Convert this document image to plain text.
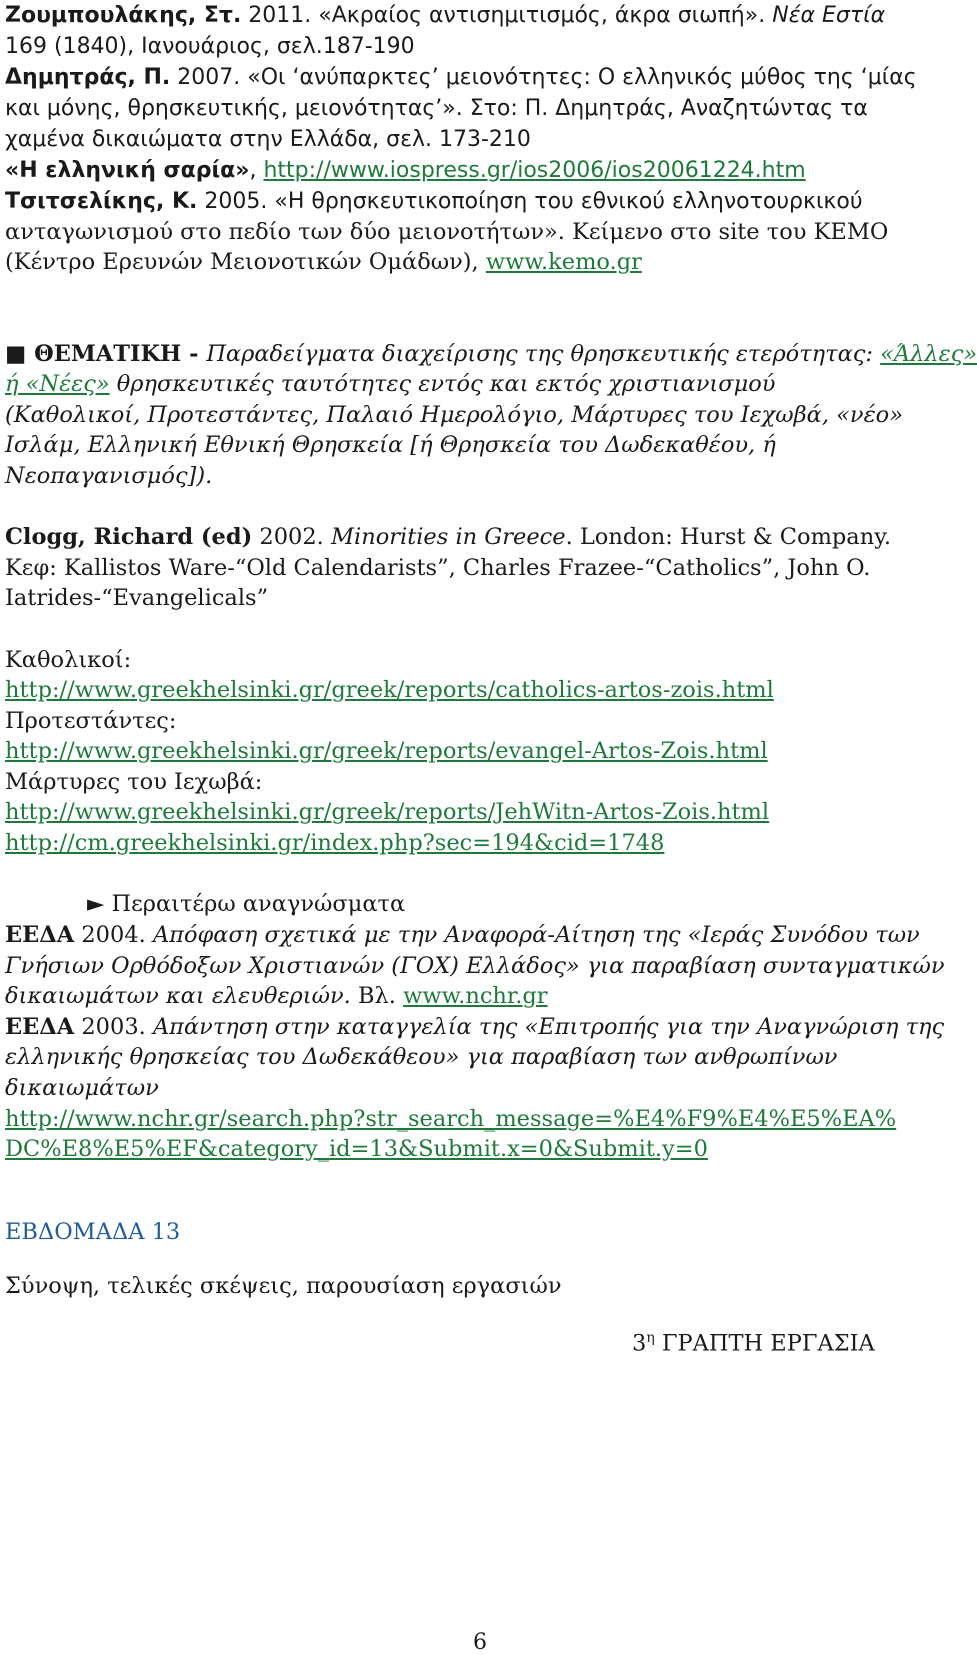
Ζουμπουλάκης, Στ. 2011. «Ακραίος αντισημιτισμός, άκρα σιωπή». Νέα Εστία
169 (1840), Ιανουάριος, σελ.187-190
Δημητράς, Π. 2007. «Οι ‘ανύπαρκτες’ μειονότητες: Ο ελληνικός μύθος της ‘μίας
και μόνης, θρησκευτικής, μειονότητας’». Στο: Π. Δημητράς, Αναζητώντας τα
χαμένα δικαιώματα στην Ελλάδα, σελ. 173-210
«Η ελληνική σαρία», http://www.iospress.gr/ios2006/ios20061224.htm
Τσιτσελίκης, Κ. 2005. «Η θρησκευτικοποίηση του εθνικού ελληνοτουρκικού
ανταγωνισμού στο πεδίο των δύο μειονοτήτων». Κείμενο στο site του ΚΕΜΟ
(Κέντρο Ερευνών Μειονοτικών Ομάδων), www.kemo.gr
■ ΘΕΜΑΤΙΚΗ - Παραδείγματα διαχείρισης της θρησκευτικής ετερότητας: «Άλλες»
ή «Νέες» θρησκευτικές ταυτότητες εντός και εκτός χριστιανισμού
(Καθολικοί, Προτεστάντες, Παλαιό Ημερολόγιο, Μάρτυρες του Ιεχωβά, «νέο»
Ισλάμ, Ελληνική Εθνική Θρησκεία [ή Θρησκεία του Δωδεκαθέου, ή
Νεοπαγανισμός]).
Clogg, Richard (ed) 2002. Minorities in Greece. London: Hurst & Company.
Κεφ: Kallistos Ware-“Old Calendarists”, Charles Frazee-“Catholics”, John O.
Iatrides-“Evangelicals”
Καθολικοί:
http://www.greekhelsinki.gr/greek/reports/catholics-artos-zois.html
Προτεστάντες:
http://www.greekhelsinki.gr/greek/reports/evangel-Artos-Zois.html
Μάρτυρες του Ιεχωβά:
http://www.greekhelsinki.gr/greek/reports/JehWitn-Artos-Zois.html
http://cm.greekhelsinki.gr/index.php?sec=194&cid=1748
► Περαιτέρω αναγνώσματα
ΕΕΔΑ 2004. Απόφαση σχετικά με την Αναφορά-Αίτηση της «Ιεράς Συνόδου των
Γνήσιων Ορθόδοξων Χριστιανών (ΓΟΧ) Ελλάδος» για παραβίαση συνταγματικών
δικαιωμάτων και ελευθεριών. Βλ. www.nchr.gr
ΕΕΔΑ 2003. Απάντηση στην καταγγελία της «Επιτροπής για την Αναγνώριση της
ελληνικής θρησκείας του Δωδεκάθεου» για παραβίαση των ανθρωπίνων
δικαιωμάτων
http://www.nchr.gr/search.php?str_search_message=%E4%F9%E4%E5%EA%
DC%E8%E5%EF&category_id=13&Submit.x=0&Submit.y=0
ΕΒΔΟΜΑΔΑ 13
Σύνοψη, τελικές σκέψεις, παρουσίαση εργασιών
$3^\eta$ ΓΡΑΠΤΗ ΕΡΓΑΣΙΑ
6
